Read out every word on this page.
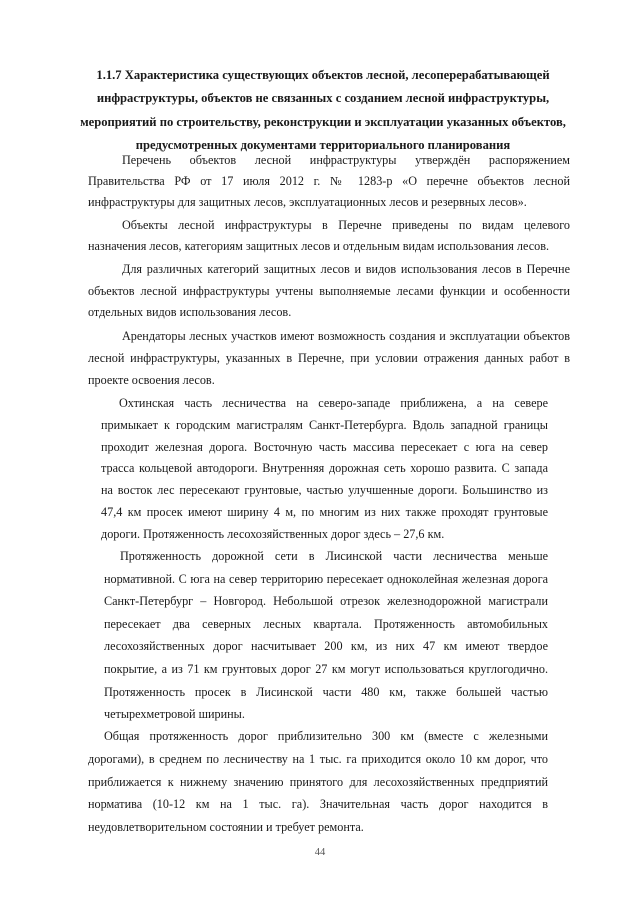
1.1.7 Характеристика существующих объектов лесной, лесоперерабатывающей инфраструктуры, объектов не связанных с созданием лесной инфраструктуры, мероприятий по строительству, реконструкции и эксплуатации указанных объектов, предусмотренных документами территориального планирования

Перечень объектов лесной инфраструктуры утверждён распоряжением Правительства РФ от 17 июля 2012 г. № 1283-р «О перечне объектов лесной инфраструктуры для защитных лесов, эксплуатационных лесов и резервных лесов».

Объекты лесной инфраструктуры в Перечне приведены по видам целевого назначения лесов, категориям защитных лесов и отдельным видам использования лесов.

Для различных категорий защитных лесов и видов использования лесов в Перечне объектов лесной инфраструктуры учтены выполняемые лесами функции и особенности отдельных видов использования лесов.

Арендаторы лесных участков имеют возможность создания и эксплуатации объектов лесной инфраструктуры, указанных в Перечне, при условии отражения данных работ в проекте освоения лесов.

Охтинская часть лесничества на северо-западе приближена, а на севере примыкает к городским магистралям Санкт-Петербурга. Вдоль западной границы проходит железная дорога. Восточную часть массива пересекает с юга на север трасса кольцевой автодороги. Внутренняя дорожная сеть хорошо развита. С запада на восток лес пересекают грунтовые, частью улучшенные дороги. Большинство из 47,4 км просек имеют ширину 4 м, по многим из них также проходят грунтовые дороги. Протяженность лесохозяйственных дорог здесь – 27,6 км.

Протяженность дорожной сети в Лисинской части лесничества меньше нормативной. С юга на север территорию пересекает одноколейная железная дорога Санкт-Петербург – Новгород. Небольшой отрезок железнодорожной магистрали пересекает два северных лесных квартала. Протяженность автомобильных лесохозяйственных дорог насчитывает 200 км, из них 47 км имеют твердое покрытие, а из 71 км грунтовых дорог 27 км могут использоваться круглогодично. Протяженность просек в Лисинской части 480 км, также большей частью четырехметровой ширины.

Общая протяженность дорог приблизительно 300 км (вместе с железными дорогами), в среднем по лесничеству на 1 тыс. га приходится около 10 км дорог, что приближается к нижнему значению принятого для лесохозяйственных предприятий норматива (10-12 км на 1 тыс. га). Значительная часть дорог находится в неудовлетворительном состоянии и требует ремонта.

44
